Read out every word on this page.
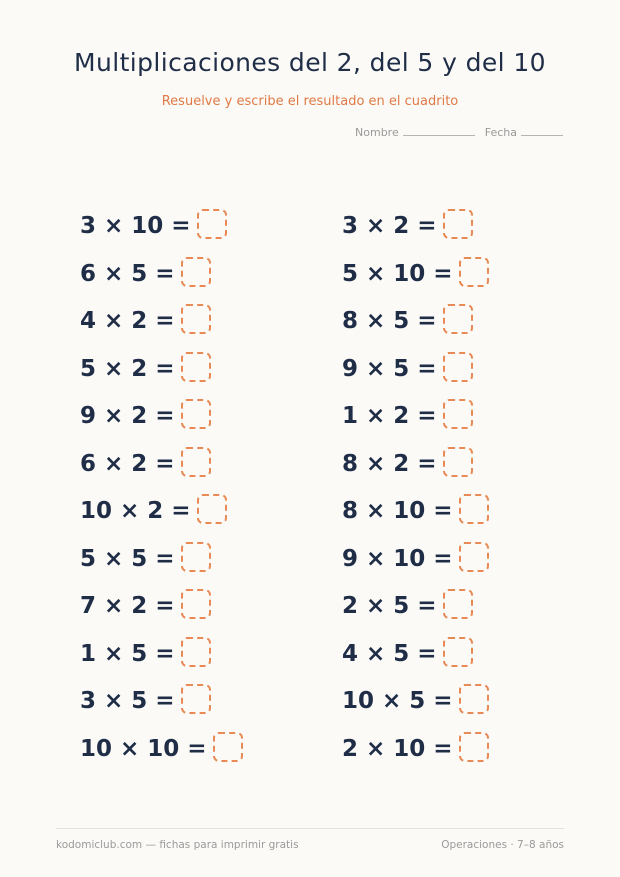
Multiplicaciones del 2, del 5 y del 10
Resuelve y escribe el resultado en el cuadrito
Nombre	Fecha
3 × 10 =
6 × 5 =
4 × 2 =
5 × 2 =
9 × 2 =
6 × 2 =
10 × 2 =
5 × 5 =
7 × 2 =
1 × 5 =
3 × 5 =
10 × 10 =
3 × 2 =
5 × 10 =
8 × 5 =
9 × 5 =
1 × 2 =
8 × 2 =
8 × 10 =
9 × 10 =
2 × 5 =
4 × 5 =
10 × 5 =
2 × 10 =
kodomiclub.com — fichas para imprimir gratis	Operaciones · 7–8 años
